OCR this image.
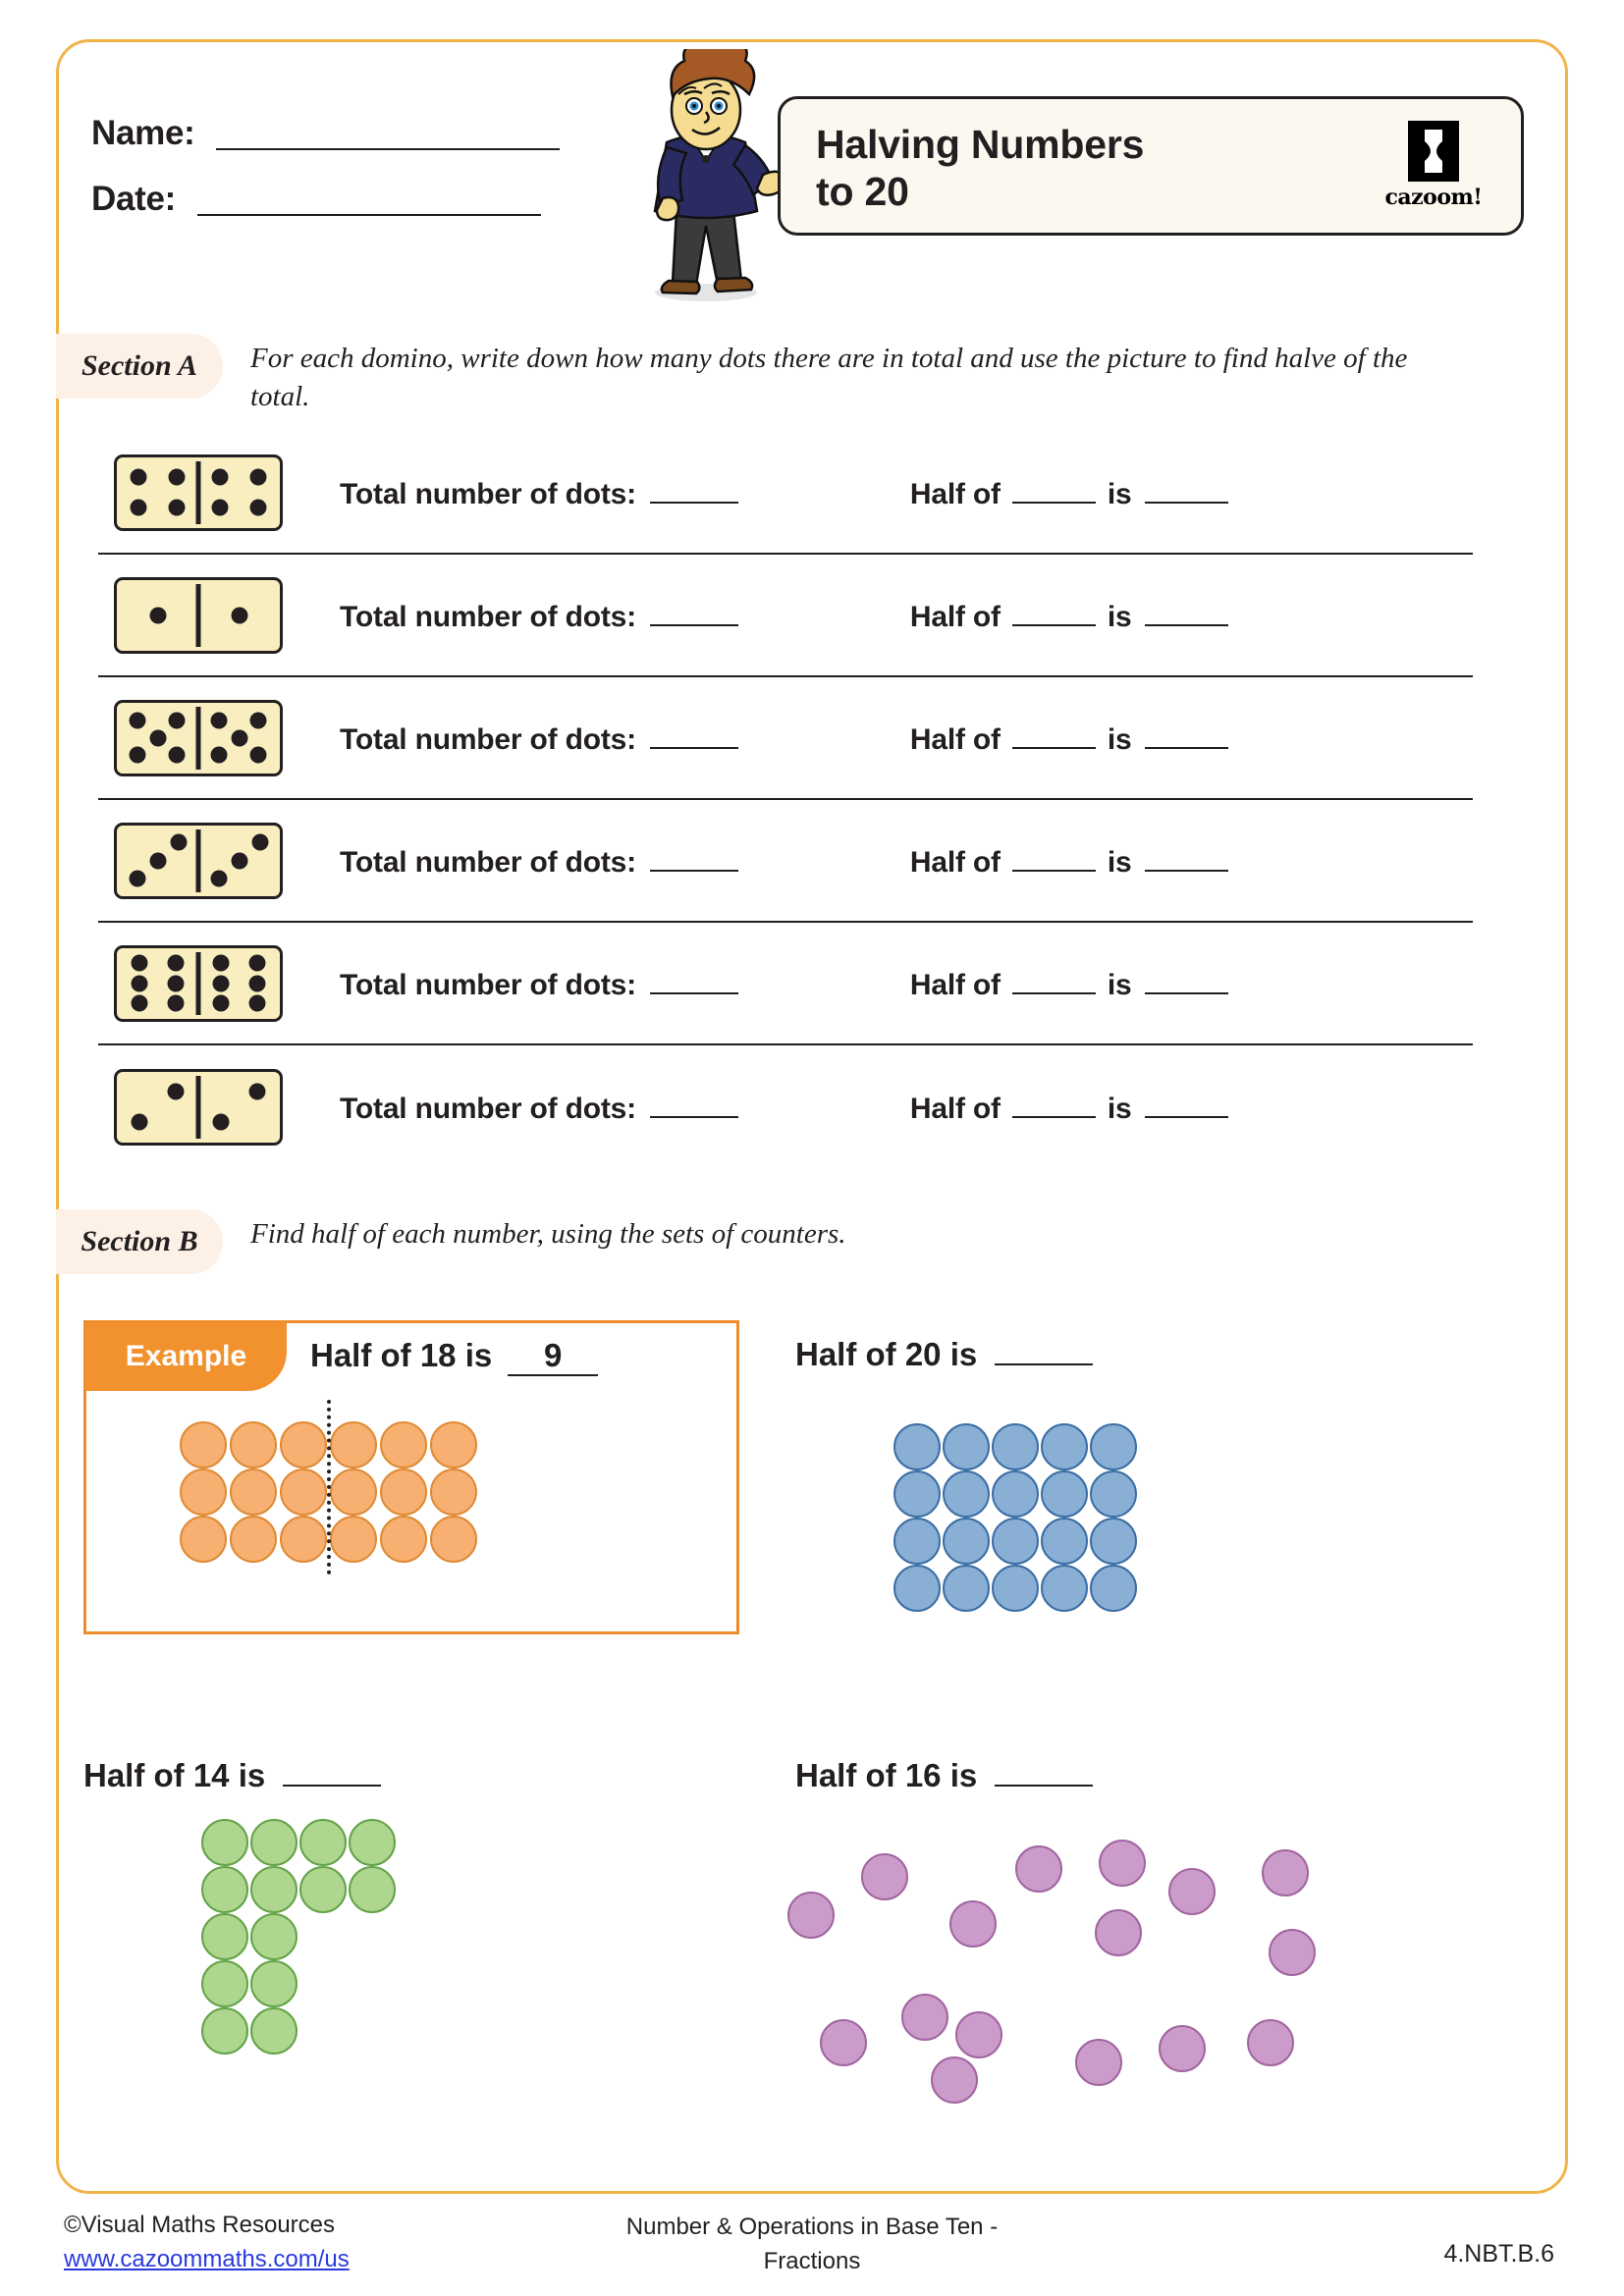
Name:
Date:
Halving Numbers
to 20	cazoom!
Section A	For each domino, write down how many dots there are in total and use the picture to find halve of the total.
Total number of dots:	Half of	is
Total number of dots:	Half of	is
Total number of dots:	Half of	is
Total number of dots:	Half of	is
Total number of dots:	Half of	is
Total number of dots:	Half of	is
Section B	Find half of each number, using the sets of counters.
Example	Half of 18 is	9	Half of 20 is
Half of 14 is	Half of 16 is
©Visual Maths Resources
www.cazoommaths.com/us
Number & Operations in Base Ten -
Fractions	4.NBT.B.6
